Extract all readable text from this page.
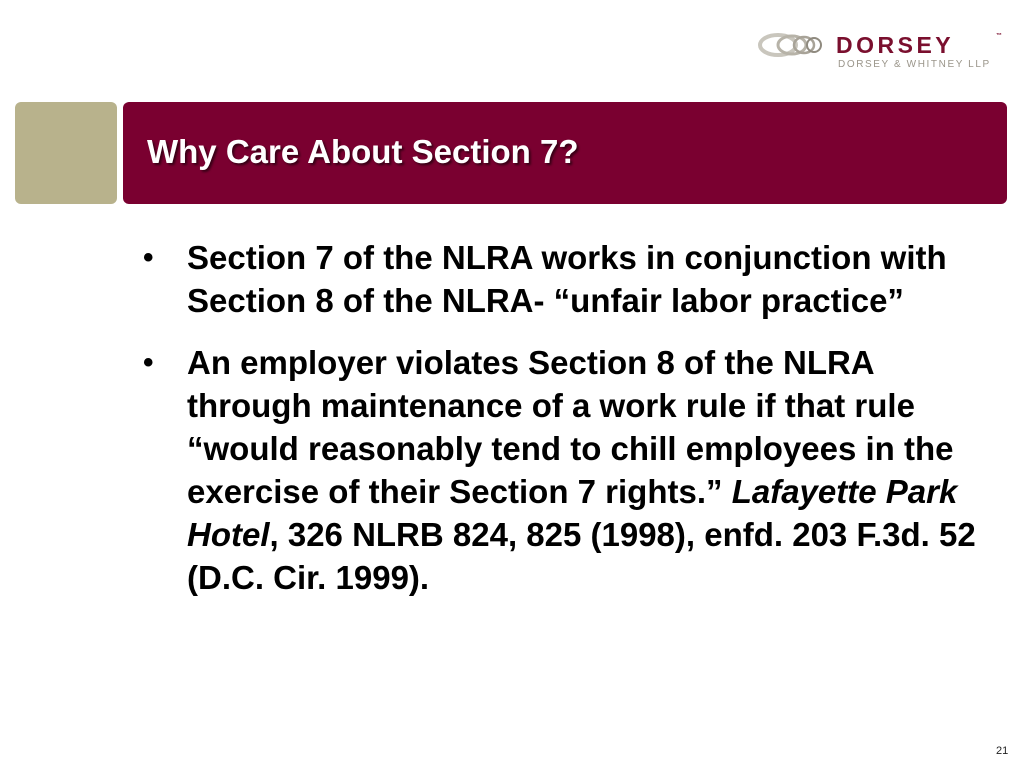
DORSEY	™
DORSEY & WHITNEY LLP
Why Care About Section 7?
• Section 7 of the NLRA works in conjunction with Section 8 of the NLRA- “unfair labor practice”
• An employer violates Section 8 of the NLRA through maintenance of a work rule if that rule “would reasonably tend to chill employees in the exercise of their Section 7 rights.” Lafayette Park Hotel, 326 NLRB 824, 825 (1998), enfd. 203 F.3d. 52 (D.C. Cir. 1999).
21
